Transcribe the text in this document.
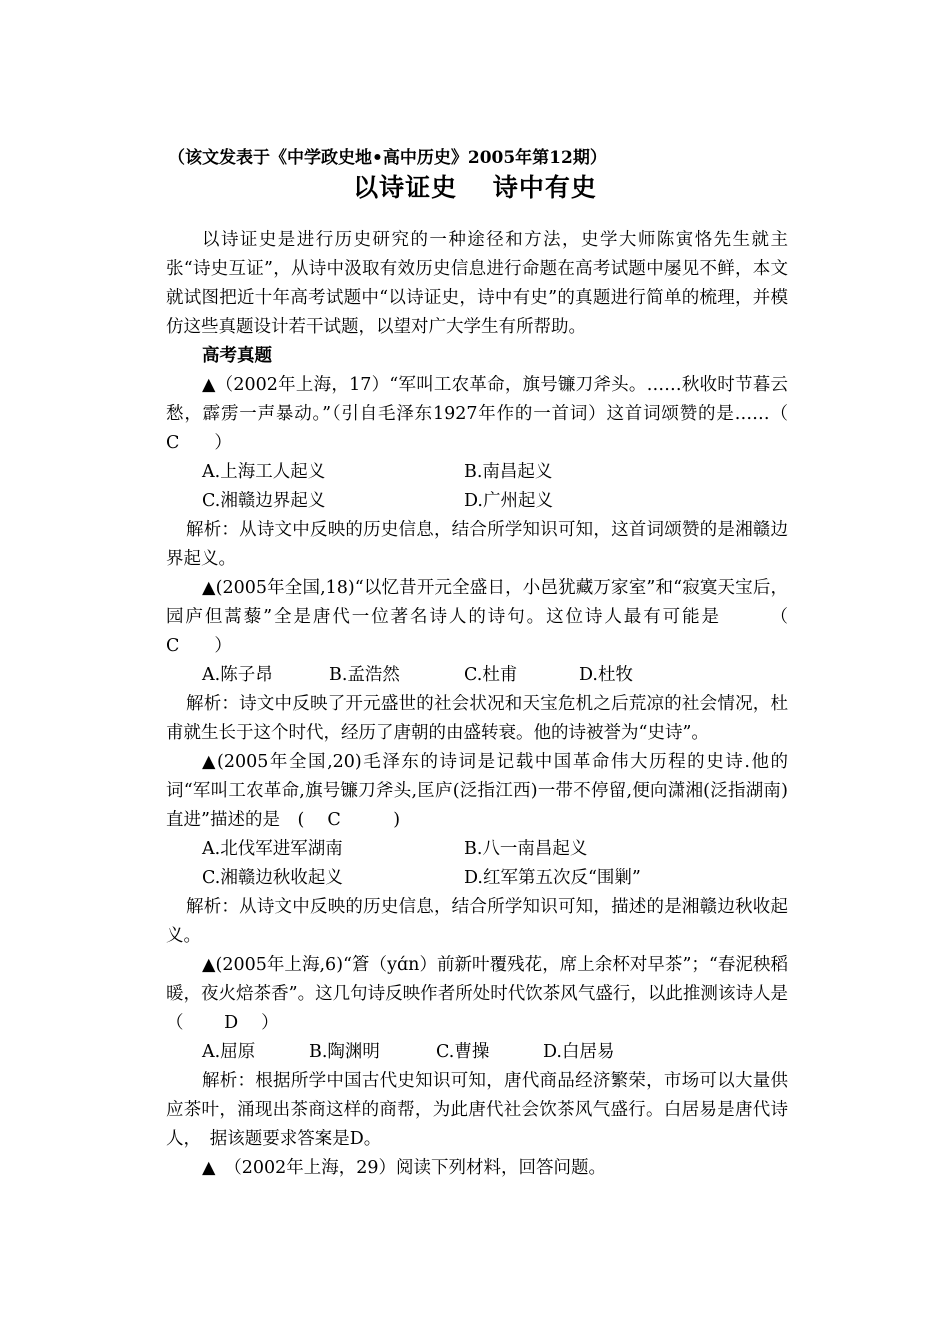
（该文发表于《中学政史地•高中历史》2005年第12期）
以诗证史　 诗中有史

以诗证史是进行历史研究的一种途径和方法，史学大师陈寅恪先生就主张“诗史互证”，从诗中汲取有效历史信息进行命题在高考试题中屡见不鲜，本文就试图把近十年高考试题中“以诗证史，诗中有史”的真题进行简单的梳理，并模仿这些真题设计若干试题，以望对广大学生有所帮助。

高考真题

▲（2002年上海，17）“军叫工农革命，旗号镰刀斧头。……秋收时节暮云愁，霹雳一声暴动。”（引自毛泽东1927年作的一首词）这首词颂赞的是……（　　C　　）

A.上海工人起义	B.南昌起义
C.湘赣边界起义	D.广州起义

解析：从诗文中反映的历史信息，结合所学知识可知，这首词颂赞的是湘赣边界起义。

▲(2005年全国,18)“以忆昔开元全盛日，小邑犹藏万家室”和“寂寞天宝后，园庐但蒿藜”全是唐代一位著名诗人的诗句。这位诗人最有可能是　　　（　　C　　）

A.陈子昂	B.孟浩然	C.杜甫	D.杜牧

解析：诗文中反映了开元盛世的社会状况和天宝危机之后荒凉的社会情况，杜甫就生长于这个时代，经历了唐朝的由盛转衰。他的诗被誉为“史诗”。

▲(2005年全国,20)毛泽东的诗词是记载中国革命伟大历程的史诗.他的词“军叫工农革命,旗号镰刀斧头,匡庐(泛指江西)一带不停留,便向潇湘(泛指湖南)直进”描述的是　(　 C　　　)

A.北伐军进军湖南	B.八一南昌起义
C.湘赣边秋收起义	D.红军第五次反“围剿”

解析：从诗文中反映的历史信息，结合所学知识可知，描述的是湘赣边秋收起义。

▲(2005年上海,6)“篬（yɑ́n）前新叶覆残花，席上余杯对早茶”；“春泥秧稻暖，夜火焙茶香”。这几句诗反映作者所处时代饮茶风气盛行，以此推测该诗人是（　　 D　 ）

A.屈原	B.陶渊明	C.曹操	D.白居易

解析：根据所学中国古代史知识可知，唐代商品经济繁荣，市场可以大量供应茶叶，涌现出茶商这样的商帮，为此唐代社会饮茶风气盛行。白居易是唐代诗人，　据该题要求答案是D。

▲　（2002年上海，29）阅读下列材料，回答问题。
